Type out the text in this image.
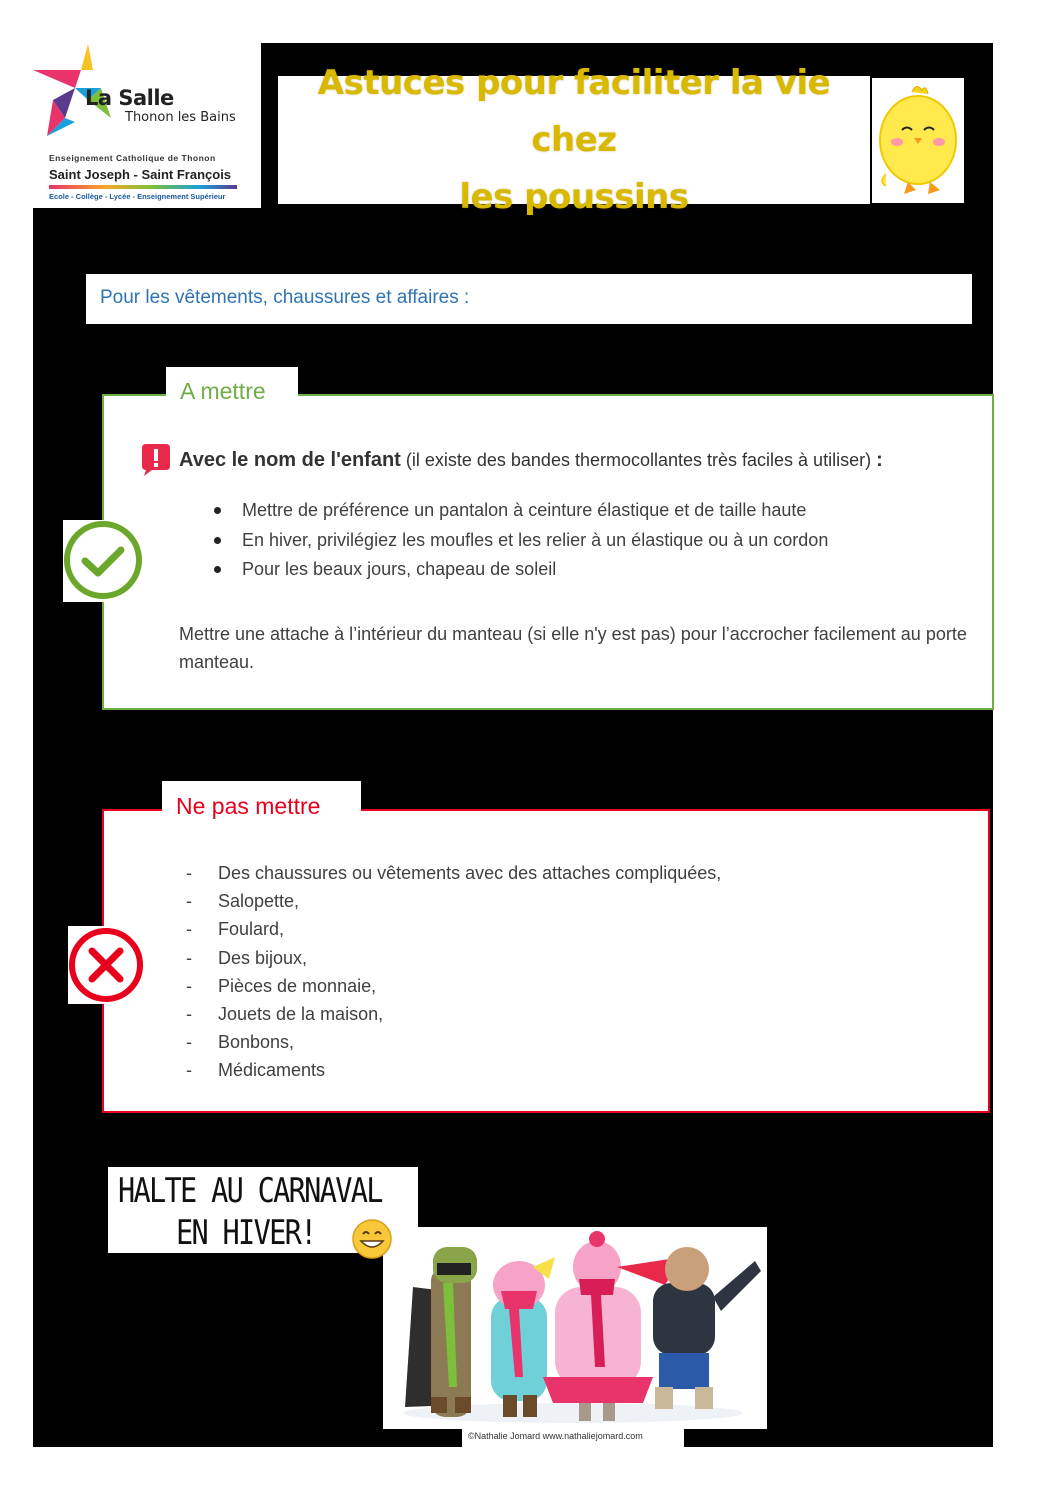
La Salle
Thonon les Bains
Enseignement Catholique de Thonon
Saint Joseph - Saint François
Ecole - Collège - Lycée - Enseignement Supérieur
Astuces pour faciliter la vie chez
les poussins
Pour les vêtements, chaussures et affaires :
Avec le nom de l'enfant (il existe des bandes thermocollantes très faciles à utiliser) :
Mettre de préférence un pantalon à ceinture élastique et de taille haute
En hiver, privilégiez les moufles et les relier à un élastique ou à un cordon
Pour les beaux jours, chapeau de soleil
Mettre une attache à l’intérieur du manteau (si elle n'y est pas) pour l’accrocher facilement au porte manteau.
A mettre
- Des chaussures ou vêtements avec des attaches compliquées,
- Salopette,
- Foulard,
- Des bijoux,
- Pièces de monnaie,
- Jouets de la maison,
- Bonbons,
- Médicaments
Ne pas mettre
HALTE AU CARNAVAL
EN HIVER!
©Nathalie Jomard www.nathaliejomard.com
